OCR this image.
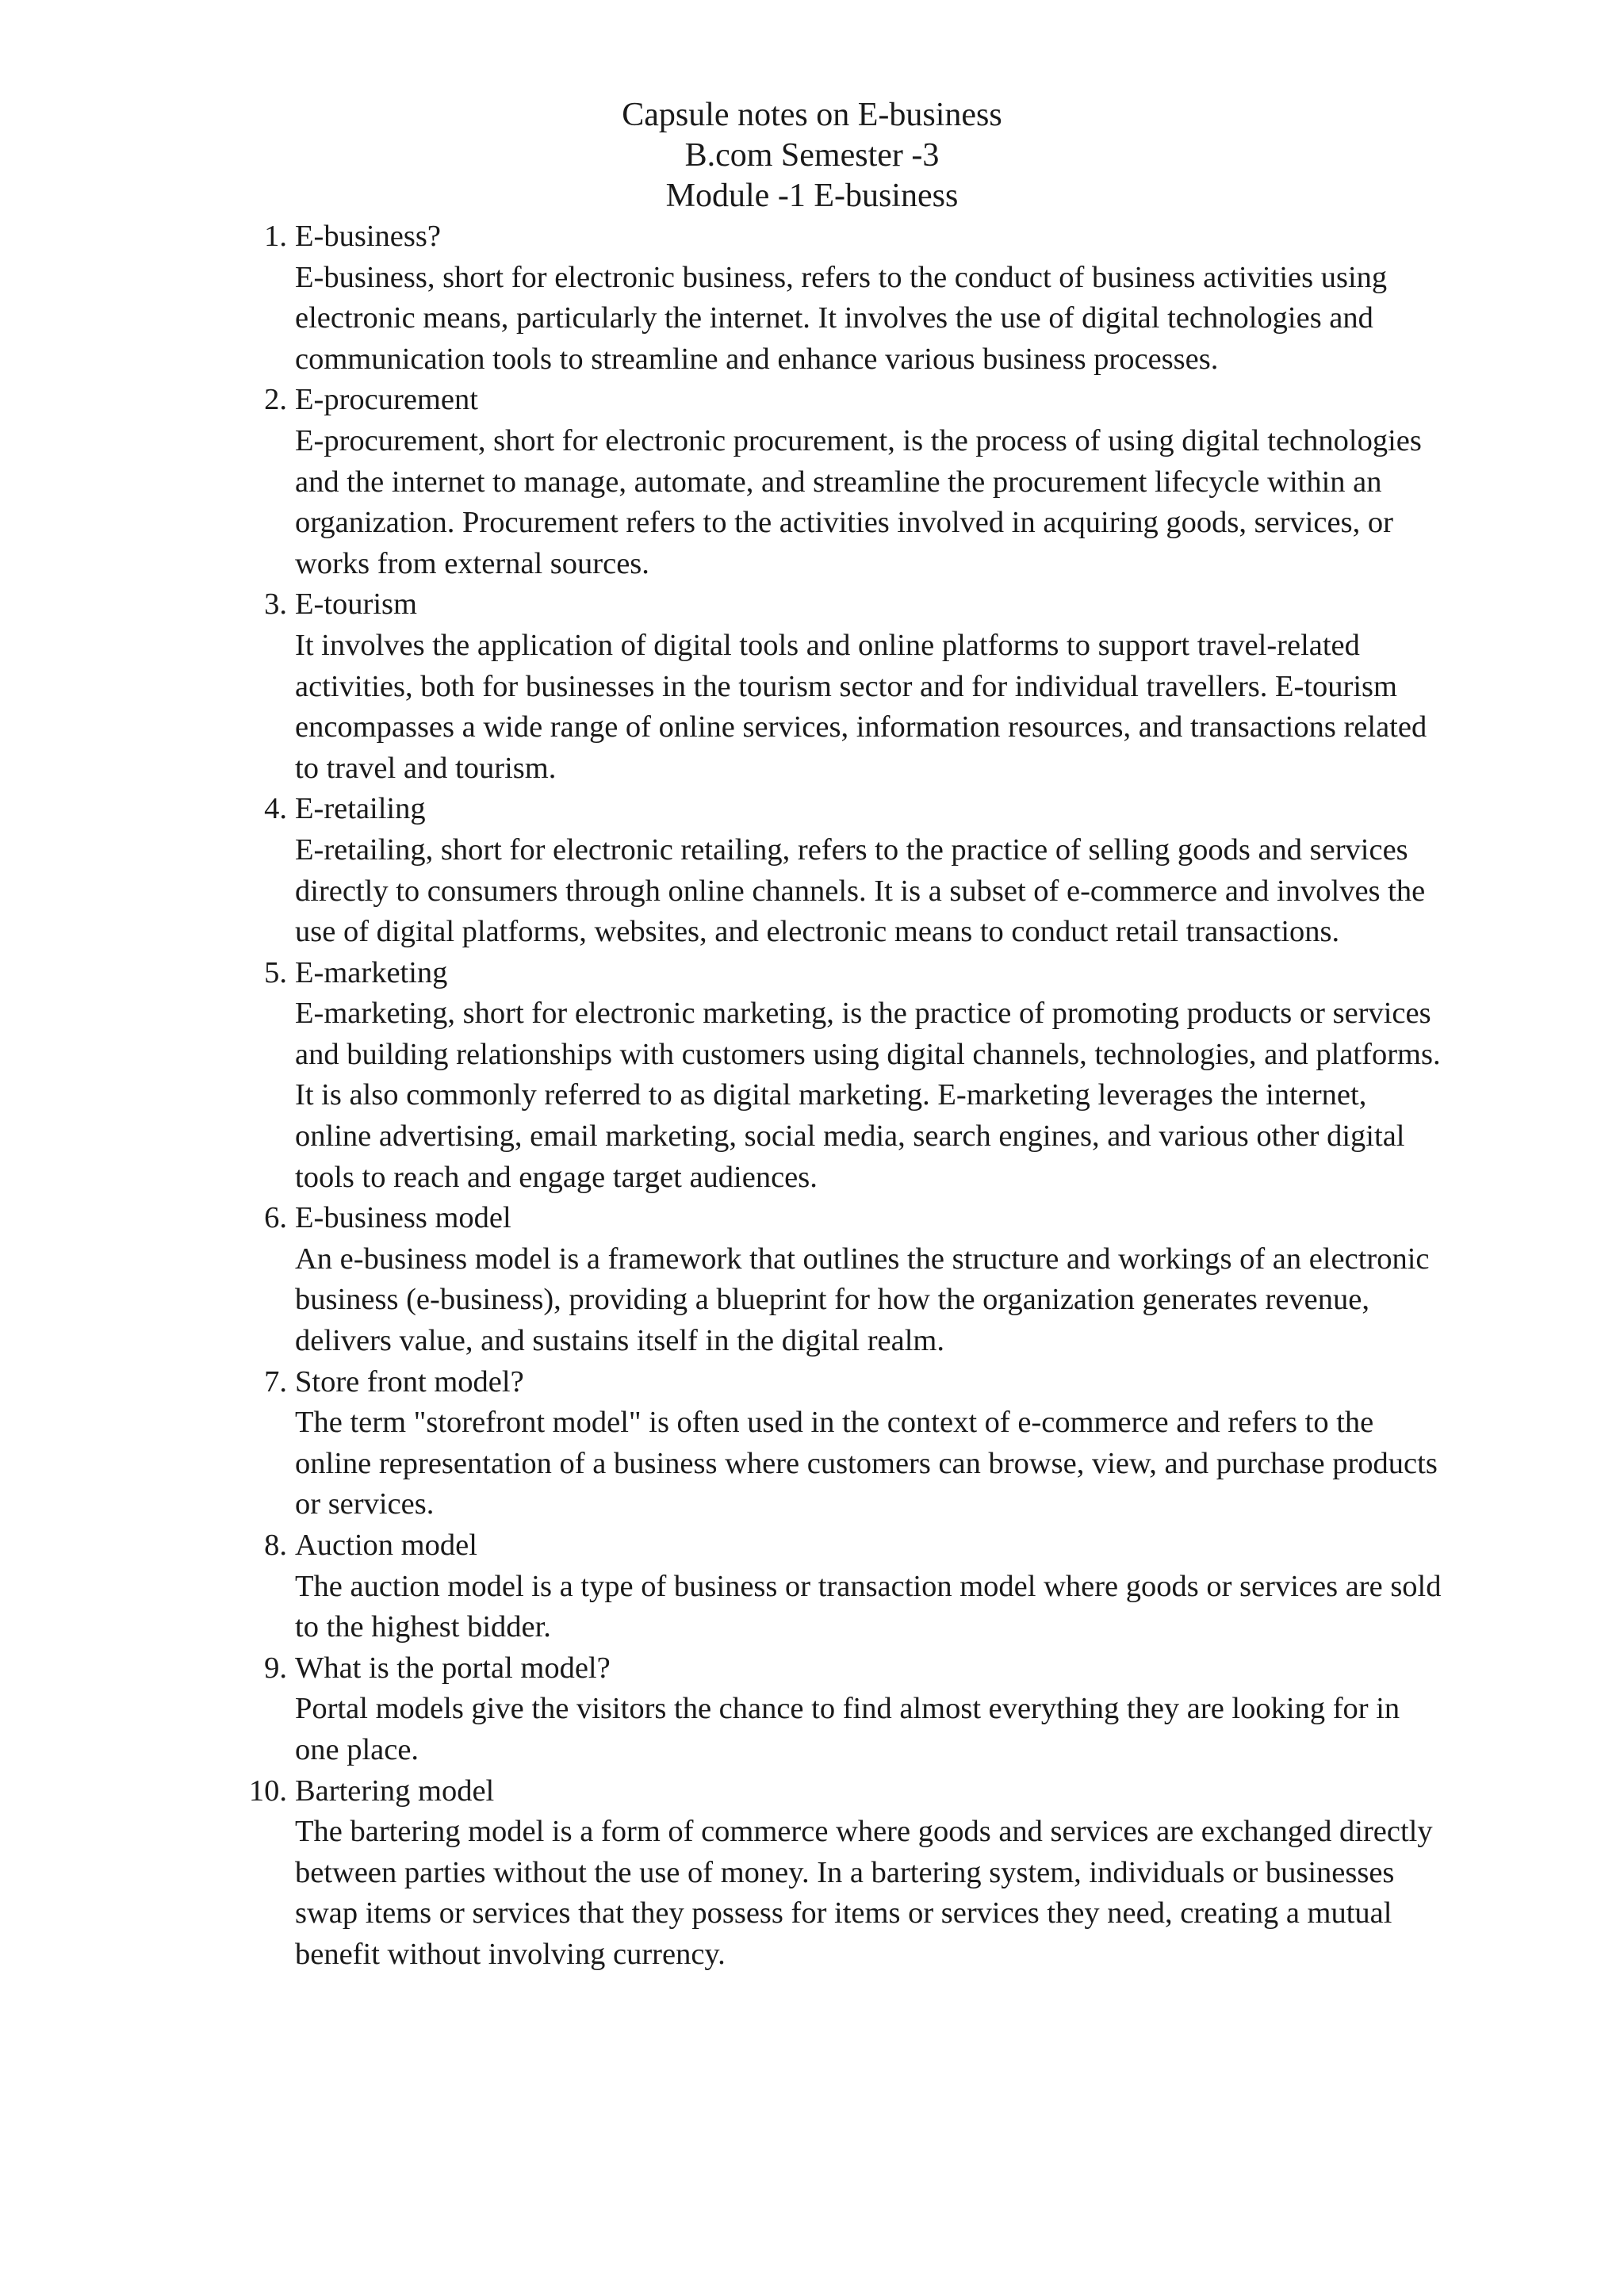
Capsule notes on E-business
B.com Semester -3
Module -1 E-business
1. E-business?
E-business, short for electronic business, refers to the conduct of business activities using electronic means, particularly the internet. It involves the use of digital technologies and communication tools to streamline and enhance various business processes.
2. E-procurement
E-procurement, short for electronic procurement, is the process of using digital technologies and the internet to manage, automate, and streamline the procurement lifecycle within an organization. Procurement refers to the activities involved in acquiring goods, services, or works from external sources.
3. E-tourism
It involves the application of digital tools and online platforms to support travel-related activities, both for businesses in the tourism sector and for individual travellers. E-tourism encompasses a wide range of online services, information resources, and transactions related to travel and tourism.
4. E-retailing
E-retailing, short for electronic retailing, refers to the practice of selling goods and services directly to consumers through online channels. It is a subset of e-commerce and involves the use of digital platforms, websites, and electronic means to conduct retail transactions.
5. E-marketing
E-marketing, short for electronic marketing, is the practice of promoting products or services and building relationships with customers using digital channels, technologies, and platforms. It is also commonly referred to as digital marketing. E-marketing leverages the internet, online advertising, email marketing, social media, search engines, and various other digital tools to reach and engage target audiences.
6. E-business model
An e-business model is a framework that outlines the structure and workings of an electronic business (e-business), providing a blueprint for how the organization generates revenue, delivers value, and sustains itself in the digital realm.
7. Store front model?
The term "storefront model" is often used in the context of e-commerce and refers to the online representation of a business where customers can browse, view, and purchase products or services.
8. Auction model
The auction model is a type of business or transaction model where goods or services are sold to the highest bidder.
9. What is the portal model?
Portal models give the visitors the chance to find almost everything they are looking for in one place.
10. Bartering model
The bartering model is a form of commerce where goods and services are exchanged directly between parties without the use of money. In a bartering system, individuals or businesses swap items or services that they possess for items or services they need, creating a mutual benefit without involving currency.
